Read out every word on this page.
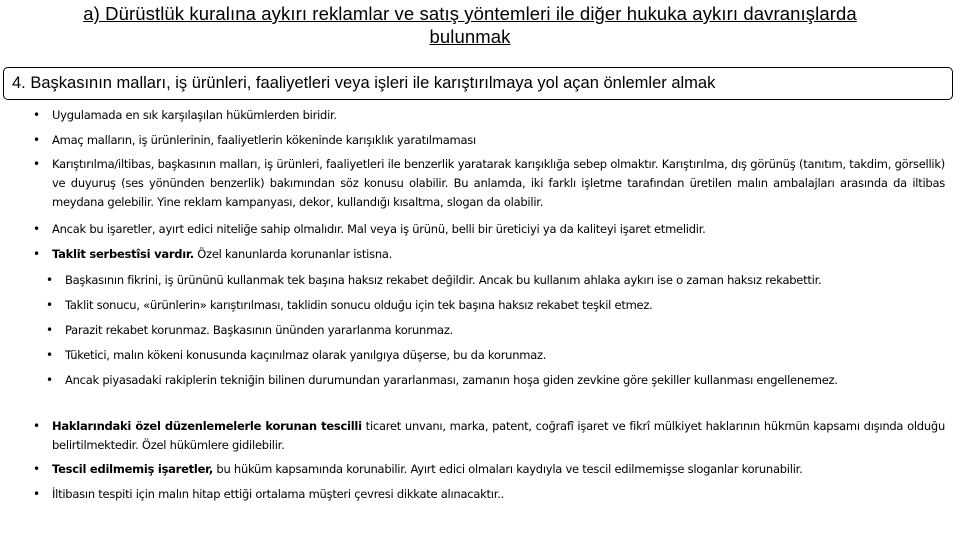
a) Dürüstlük kuralına aykırı reklamlar ve satış yöntemleri ile diğer hukuka aykırı davranışlarda
bulunmak
4. Başkasının malları, iş ürünleri, faaliyetleri veya işleri ile karıştırılmaya yol açan önlemler almak
•	Uygulamada en sık karşılaşılan hükümlerden biridir.
•	Amaç malların, iş ürünlerinin, faaliyetlerin kökeninde karışıklık yaratılmaması
•	Karıştırılma/iltibas, başkasının malları, iş ürünleri, faaliyetleri ile benzerlik yaratarak karışıklığa sebep olmaktır. Karıştırılma, dış görünüş (tanıtım, takdim, görsellik) ve duyuruş (ses yönünden benzerlik) bakımından söz konusu olabilir. Bu anlamda, iki farklı işletme tarafından üretilen malın ambalajları arasında da iltibas meydana gelebilir. Yine reklam kampanyası, dekor, kullandığı kısaltma, slogan da olabilir.
•	Ancak bu işaretler, ayırt edici niteliğe sahip olmalıdır. Mal veya iş ürünü, belli bir üreticiyi ya da kaliteyi işaret etmelidir.
•	Taklit serbestîsi vardır. Özel kanunlarda korunanlar istisna.
•	Başkasının fikrini, iş ürününü kullanmak tek başına haksız rekabet değildir. Ancak bu kullanım ahlaka aykırı ise o zaman haksız rekabettir.
•	Taklit sonucu, «ürünlerin» karıştırılması, taklidin sonucu olduğu için tek başına haksız rekabet teşkil etmez.
•	Parazit rekabet korunmaz. Başkasının ününden yararlanma korunmaz.
•	Tüketici, malın kökeni konusunda kaçınılmaz olarak yanılgıya düşerse, bu da korunmaz.
•	Ancak piyasadaki rakiplerin tekniğin bilinen durumundan yararlanması, zamanın hoşa giden zevkine göre şekiller kullanması engellenemez.
•	Haklarındaki özel düzenlemelerle korunan tescilli ticaret unvanı, marka, patent, coğrafî işaret ve fikrî mülkiyet haklarının hükmün kapsamı dışında olduğu belirtilmektedir. Özel hükümlere gidilebilir.
•	Tescil edilmemiş işaretler, bu hüküm kapsamında korunabilir. Ayırt edici olmaları kaydıyla ve tescil edilmemişse sloganlar korunabilir.
•	İltibasın tespiti için malın hitap ettiği ortalama müşteri çevresi dikkate alınacaktır..
